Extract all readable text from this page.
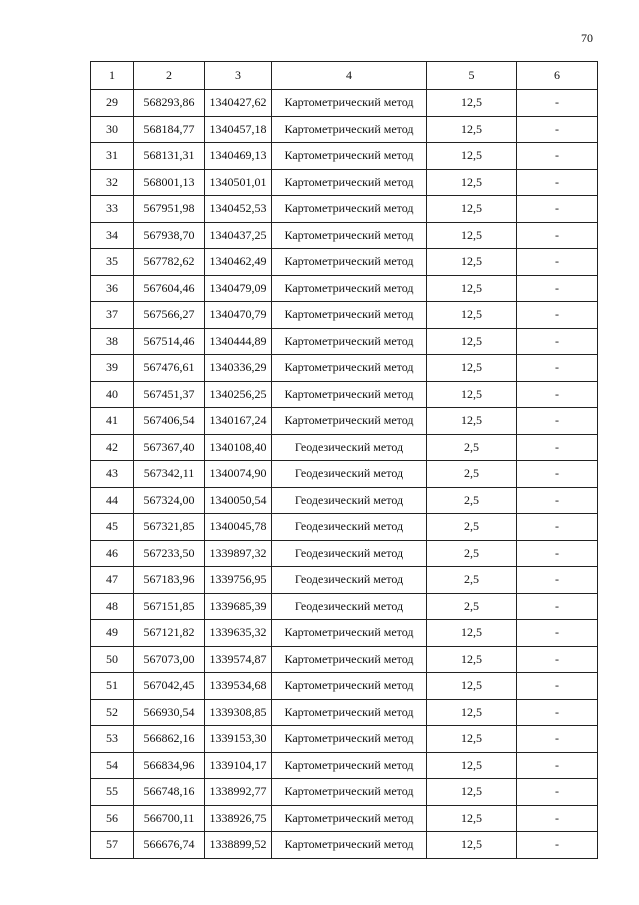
70
1	2	3	4	5	6
29	568293,86	1340427,62	Картометрический метод	12,5	-
30	568184,77	1340457,18	Картометрический метод	12,5	-
31	568131,31	1340469,13	Картометрический метод	12,5	-
32	568001,13	1340501,01	Картометрический метод	12,5	-
33	567951,98	1340452,53	Картометрический метод	12,5	-
34	567938,70	1340437,25	Картометрический метод	12,5	-
35	567782,62	1340462,49	Картометрический метод	12,5	-
36	567604,46	1340479,09	Картометрический метод	12,5	-
37	567566,27	1340470,79	Картометрический метод	12,5	-
38	567514,46	1340444,89	Картометрический метод	12,5	-
39	567476,61	1340336,29	Картометрический метод	12,5	-
40	567451,37	1340256,25	Картометрический метод	12,5	-
41	567406,54	1340167,24	Картометрический метод	12,5	-
42	567367,40	1340108,40	Геодезический метод	2,5	-
43	567342,11	1340074,90	Геодезический метод	2,5	-
44	567324,00	1340050,54	Геодезический метод	2,5	-
45	567321,85	1340045,78	Геодезический метод	2,5	-
46	567233,50	1339897,32	Геодезический метод	2,5	-
47	567183,96	1339756,95	Геодезический метод	2,5	-
48	567151,85	1339685,39	Геодезический метод	2,5	-
49	567121,82	1339635,32	Картометрический метод	12,5	-
50	567073,00	1339574,87	Картометрический метод	12,5	-
51	567042,45	1339534,68	Картометрический метод	12,5	-
52	566930,54	1339308,85	Картометрический метод	12,5	-
53	566862,16	1339153,30	Картометрический метод	12,5	-
54	566834,96	1339104,17	Картометрический метод	12,5	-
55	566748,16	1338992,77	Картометрический метод	12,5	-
56	566700,11	1338926,75	Картометрический метод	12,5	-
57	566676,74	1338899,52	Картометрический метод	12,5	-
